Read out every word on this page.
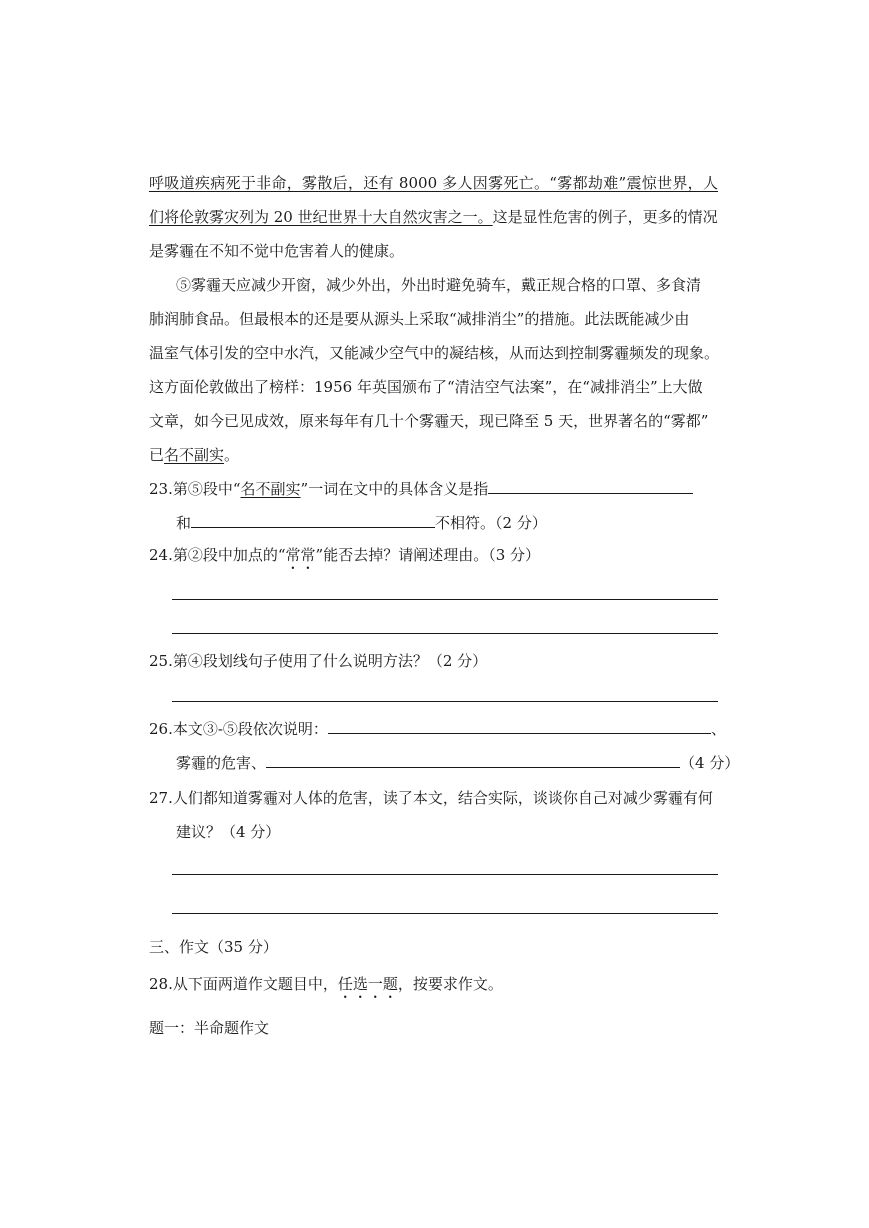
呼吸道疾病死于非命，雾散后，还有 8000 多人因雾死亡。“雾都劫难”震惊世界，人
们将伦敦雾灾列为 20 世纪世界十大自然灾害之一。这是显性危害的例子，更多的情况
是雾霾在不知不觉中危害着人的健康。
⑤雾霾天应减少开窗，减少外出，外出时避免骑车，戴正规合格的口罩、多食清
肺润肺食品。但最根本的还是要从源头上采取“减排消尘”的措施。此法既能减少由
温室气体引发的空中水汽，又能减少空气中的凝结核，从而达到控制雾霾频发的现象。
这方面伦敦做出了榜样：1956 年英国颁布了“清洁空气法案”，在“减排消尘”上大做
文章，如今已见成效，原来每年有几十个雾霾天，现已降至 5 天，世界著名的“雾都”
已名不副实。
23.第⑤段中“名不副实”一词在文中的具体含义是指
和	不相符。（2 分）
24.第②段中加点的“常常”能否去掉？请阐述理由。（3 分）
25.第④段划线句子使用了什么说明方法？（2 分）
26.本文③-⑤段依次说明：	、
雾霾的危害、	（4 分）
27.人们都知道雾霾对人体的危害，读了本文，结合实际，谈谈你自己对减少雾霾有何
建议？（4 分）
三、作文（35 分）
28.从下面两道作文题目中，任选一题，按要求作文。
题一：半命题作文
